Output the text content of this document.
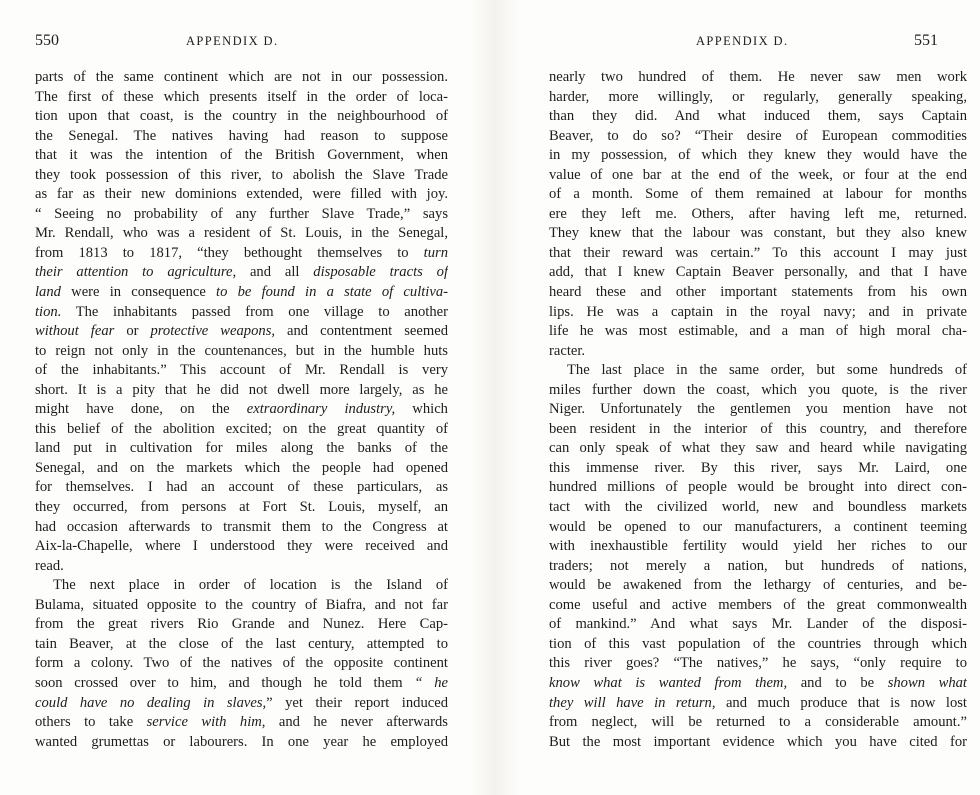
550	APPENDIX D.
parts of the same continent which are not in our possession.
The first of these which presents itself in the order of loca-
tion upon that coast, is the country in the neighbourhood of
the Senegal. The natives having had reason to suppose
that it was the intention of the British Government, when
they took possession of this river, to abolish the Slave Trade
as far as their new dominions extended, were filled with joy.
“ Seeing no probability of any further Slave Trade,” says
Mr. Rendall, who was a resident of St. Louis, in the Senegal,
from 1813 to 1817, “they bethought themselves to turn
their attention to agriculture, and all disposable tracts of
land were in consequence to be found in a state of cultiva-
tion. The inhabitants passed from one village to another
without fear or protective weapons, and contentment seemed
to reign not only in the countenances, but in the humble huts
of the inhabitants.” This account of Mr. Rendall is very
short. It is a pity that he did not dwell more largely, as he
might have done, on the extraordinary industry, which
this belief of the abolition excited; on the great quantity of
land put in cultivation for miles along the banks of the
Senegal, and on the markets which the people had opened
for themselves. I had an account of these particulars, as
they occurred, from persons at Fort St. Louis, myself, an
had occasion afterwards to transmit them to the Congress at
Aix-la-Chapelle, where I understood they were received and
read.
The next place in order of location is the Island of
Bulama, situated opposite to the country of Biafra, and not far
from the great rivers Rio Grande and Nunez. Here Cap-
tain Beaver, at the close of the last century, attempted to
form a colony. Two of the natives of the opposite continent
soon crossed over to him, and though he told them “ he
could have no dealing in slaves,” yet their report induced
others to take service with him, and he never afterwards
wanted grumettas or labourers. In one year he employed
APPENDIX D.	551
nearly two hundred of them. He never saw men work
harder, more willingly, or regularly, generally speaking,
than they did. And what induced them, says Captain
Beaver, to do so? “Their desire of European commodities
in my possession, of which they knew they would have the
value of one bar at the end of the week, or four at the end
of a month. Some of them remained at labour for months
ere they left me. Others, after having left me, returned.
They knew that the labour was constant, but they also knew
that their reward was certain.” To this account I may just
add, that I knew Captain Beaver personally, and that I have
heard these and other important statements from his own
lips. He was a captain in the royal navy; and in private
life he was most estimable, and a man of high moral cha-
racter.
The last place in the same order, but some hundreds of
miles further down the coast, which you quote, is the river
Niger. Unfortunately the gentlemen you mention have not
been resident in the interior of this country, and therefore
can only speak of what they saw and heard while navigating
this immense river. By this river, says Mr. Laird, one
hundred millions of people would be brought into direct con-
tact with the civilized world, new and boundless markets
would be opened to our manufacturers, a continent teeming
with inexhaustible fertility would yield her riches to our
traders; not merely a nation, but hundreds of nations,
would be awakened from the lethargy of centuries, and be-
come useful and active members of the great commonwealth
of mankind.” And what says Mr. Lander of the disposi-
tion of this vast population of the countries through which
this river goes? “The natives,” he says, “only require to
know what is wanted from them, and to be shown what
they will have in return, and much produce that is now lost
from neglect, will be returned to a considerable amount.”
But the most important evidence which you have cited for
